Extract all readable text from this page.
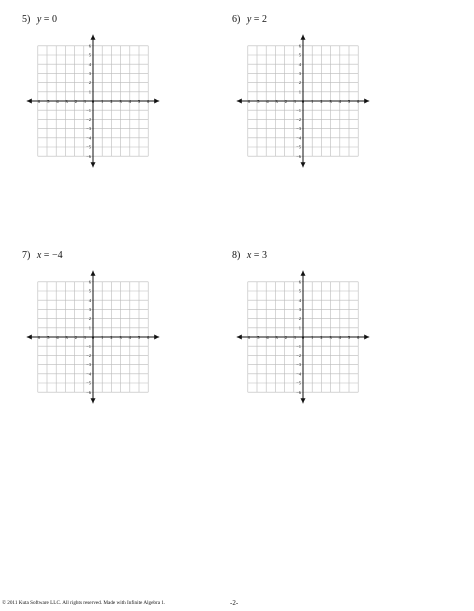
5) y = 0
−6 −5 −4 −3 −2 −1 0 1 2 3 4 5 6
6
5
4
3
2
1
−1
−2
−3
−4
−5
−6
6) y = 2
−6 −5 −4 −3 −2 −1 0 1 2 3 4 5 6
6
5
4
3
2
1
−1
−2
−3
−4
−5
−6
7) x = −4
−6 −5 −4 −3 −2 −1 0 1 2 3 4 5 6
6
5
4
3
2
1
−1
−2
−3
−4
−5
−6
8) x = 3
−6 −5 −4 −3 −2 −1 0 1 2 3 4 5 6
6
5
4
3
2
1
−1
−2
−3
−4
−5
−6
© 2011 Kuta Software LLC. All rights reserved. Made with Infinite Algebra 1.	-2-
